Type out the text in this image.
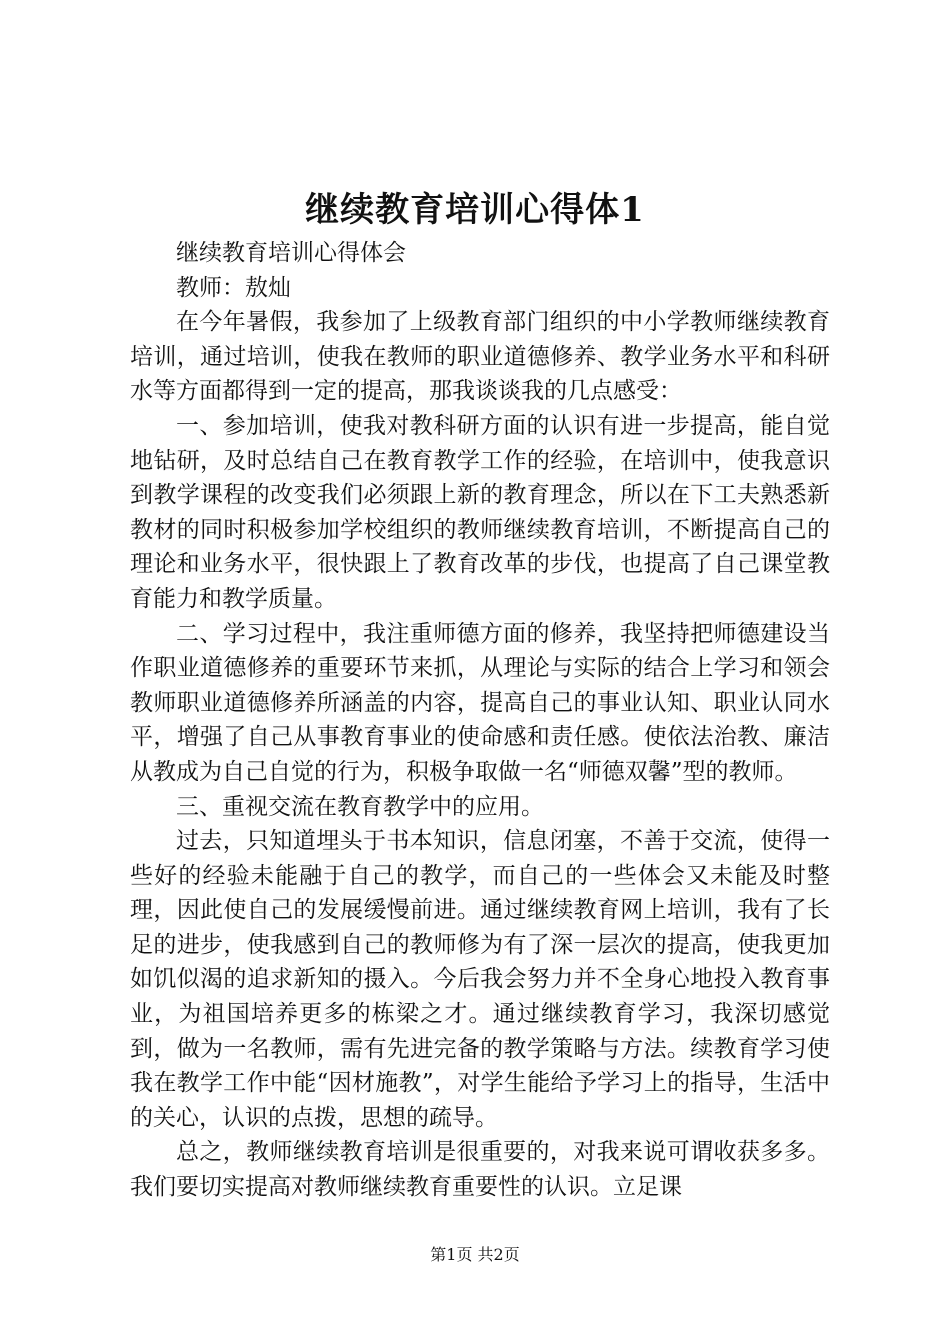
继续教育培训心得体1

继续教育培训心得体会

教师：敖灿

在今年暑假，我参加了上级教育部门组织的中小学教师继续教育培训，通过培训，使我在教师的职业道德修养、教学业务水平和科研水等方面都得到一定的提高，那我谈谈我的几点感受：

一、参加培训，使我对教科研方面的认识有进一步提高，能自觉地钻研，及时总结自己在教育教学工作的经验，在培训中，使我意识到教学课程的改变我们必须跟上新的教育理念，所以在下工夫熟悉新教材的同时积极参加学校组织的教师继续教育培训，不断提高自己的理论和业务水平，很快跟上了教育改革的步伐，也提高了自己课堂教育能力和教学质量。

二、学习过程中，我注重师德方面的修养，我坚持把师德建设当作职业道德修养的重要环节来抓，从理论与实际的结合上学习和领会教师职业道德修养所涵盖的内容，提高自己的事业认知、职业认同水平，增强了自己从事教育事业的使命感和责任感。使依法治教、廉洁从教成为自己自觉的行为，积极争取做一名“师德双馨”型的教师。

三、重视交流在教育教学中的应用。

过去，只知道埋头于书本知识，信息闭塞，不善于交流，使得一些好的经验未能融于自己的教学，而自己的一些体会又未能及时整理，因此使自己的发展缓慢前进。通过继续教育网上培训，我有了长足的进步，使我感到自己的教师修为有了深一层次的提高，使我更加如饥似渴的追求新知的摄入。今后我会努力并不全身心地投入教育事业，为祖国培养更多的栋梁之才。通过继续教育学习，我深切感觉到，做为一名教师，需有先进完备的教学策略与方法。续教育学习使我在教学工作中能“因材施教”，对学生能给予学习上的指导，生活中的关心，认识的点拨，思想的疏导。

总之，教师继续教育培训是很重要的，对我来说可谓收获多多。我们要切实提高对教师继续教育重要性的认识。立足课

第1页 共2页
